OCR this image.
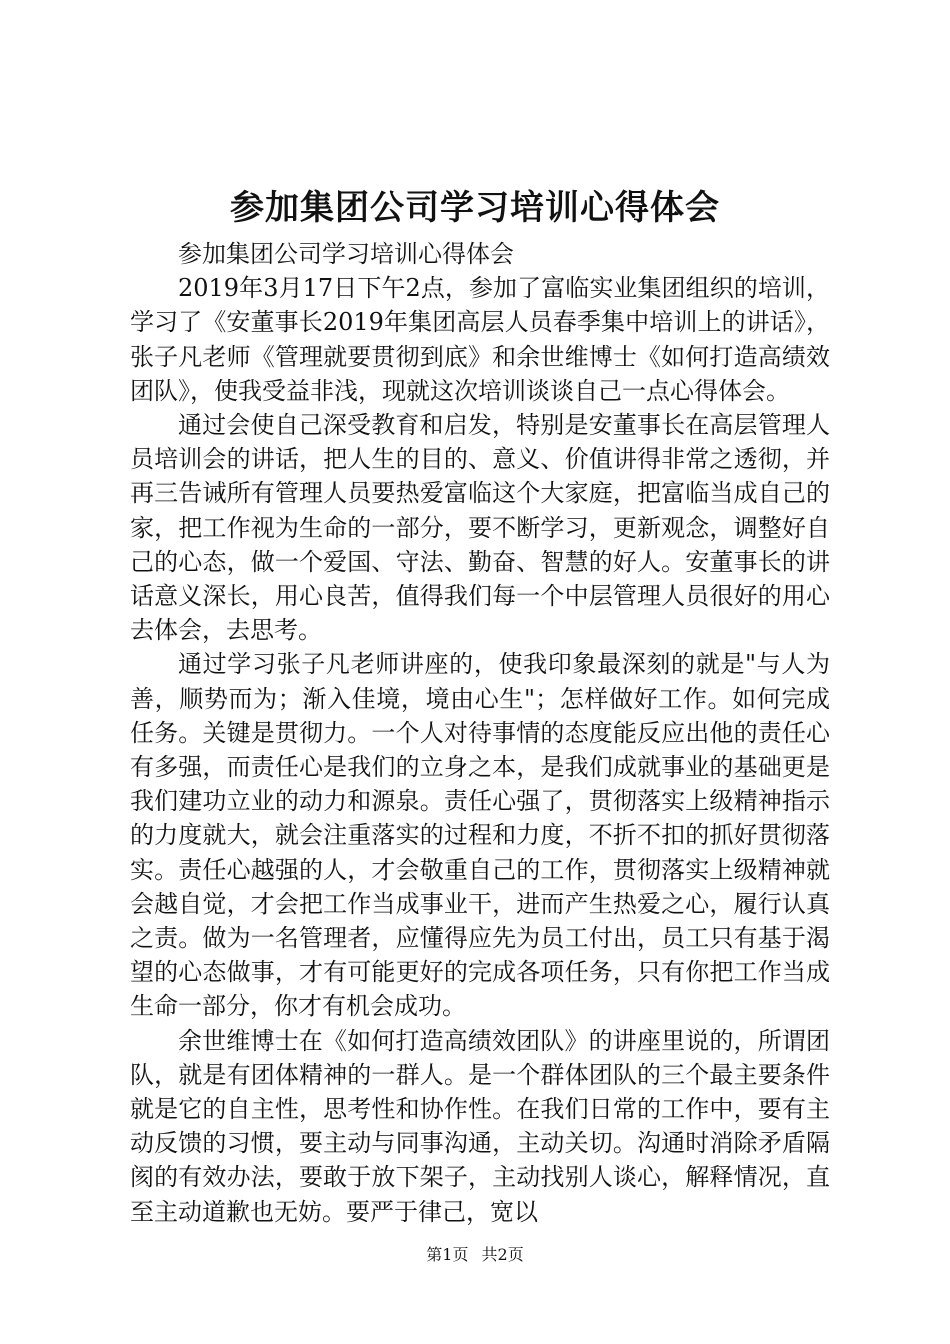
参加集团公司学习培训心得体会

参加集团公司学习培训心得体会

2019年3月17日下午2点，参加了富临实业集团组织的培训，学习了《安董事长2019年集团高层人员春季集中培训上的讲话》，张子凡老师《管理就要贯彻到底》和余世维博士《如何打造高绩效团队》，使我受益非浅，现就这次培训谈谈自己一点心得体会。

通过会使自己深受教育和启发，特别是安董事长在高层管理人员培训会的讲话，把人生的目的、意义、价值讲得非常之透彻，并再三告诫所有管理人员要热爱富临这个大家庭，把富临当成自己的家，把工作视为生命的一部分，要不断学习，更新观念，调整好自己的心态，做一个爱国、守法、勤奋、智慧的好人。安董事长的讲话意义深长，用心良苦，值得我们每一个中层管理人员很好的用心去体会，去思考。

通过学习张子凡老师讲座的，使我印象最深刻的就是"与人为善，顺势而为；渐入佳境，境由心生"；怎样做好工作。如何完成任务。关键是贯彻力。一个人对待事情的态度能反应出他的责任心有多强，而责任心是我们的立身之本，是我们成就事业的基础更是我们建功立业的动力和源泉。责任心强了，贯彻落实上级精神指示的力度就大，就会注重落实的过程和力度，不折不扣的抓好贯彻落实。责任心越强的人，才会敬重自己的工作，贯彻落实上级精神就会越自觉，才会把工作当成事业干，进而产生热爱之心，履行认真之责。做为一名管理者，应懂得应先为员工付出，员工只有基于渴望的心态做事，才有可能更好的完成各项任务，只有你把工作当成生命一部分，你才有机会成功。

余世维博士在《如何打造高绩效团队》的讲座里说的，所谓团队，就是有团体精神的一群人。是一个群体团队的三个最主要条件就是它的自主性，思考性和协作性。在我们日常的工作中，要有主动反馈的习惯，要主动与同事沟通，主动关切。沟通时消除矛盾隔阂的有效办法，要敢于放下架子，主动找别人谈心，解释情况，直至主动道歉也无妨。要严于律己，宽以

第1页 共2页
